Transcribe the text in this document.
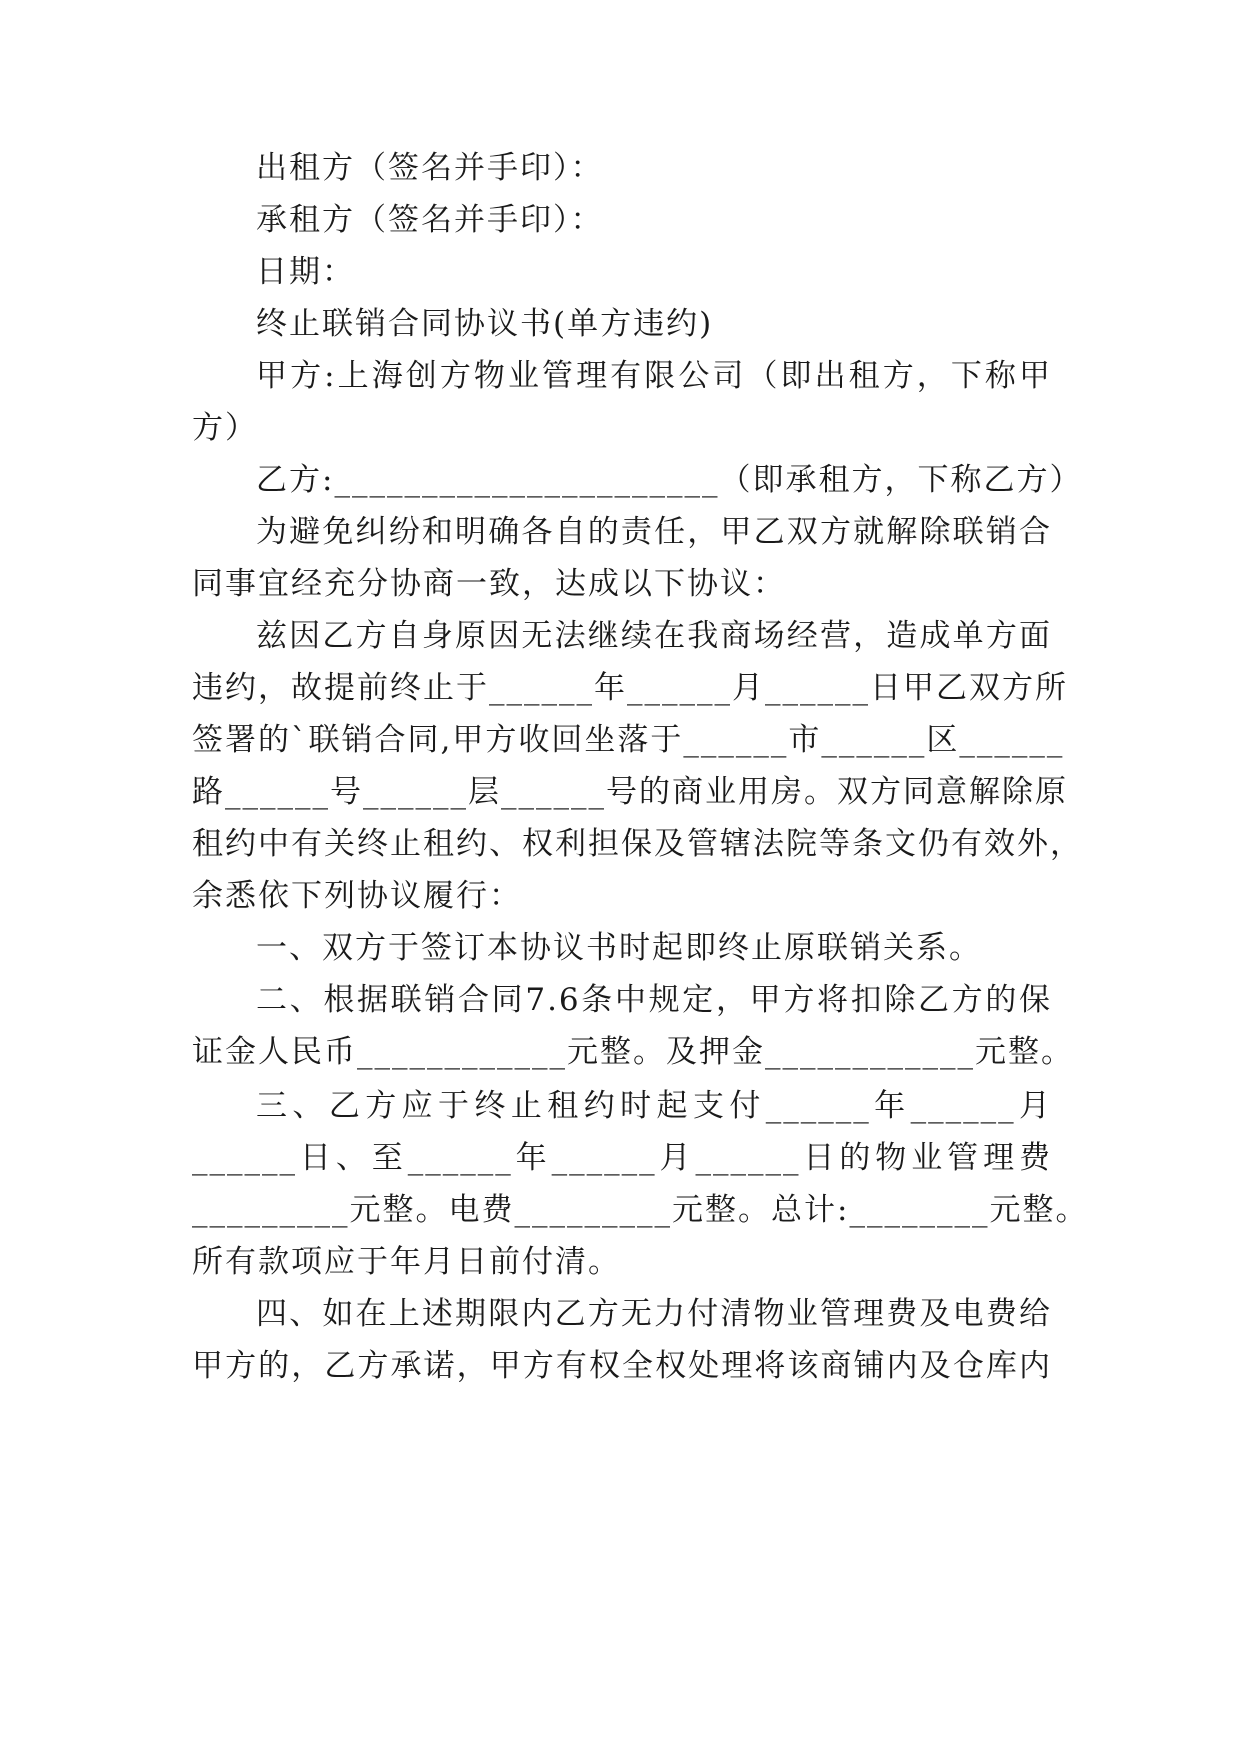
出租方（签名并手印）：
承租方（签名并手印）：
日期：
终止联销合同协议书(单方违约)
甲方:上海创方物业管理有限公司（即出租方，下称甲
方）
乙方:______________________（即承租方，下称乙方）
为避免纠纷和明确各自的责任，甲乙双方就解除联销合
同事宜经充分协商一致，达成以下协议：
兹因乙方自身原因无法继续在我商场经营，造成单方面
违约，故提前终止于______年______月______日甲乙双方所
签署的`联销合同,甲方收回坐落于______市______区______
路______号______层______号的商业用房。双方同意解除原
租约中有关终止租约、权利担保及管辖法院等条文仍有效外，
余悉依下列协议履行：
一、双方于签订本协议书时起即终止原联销关系。
二、根据联销合同7.6条中规定，甲方将扣除乙方的保
证金人民币____________元整。及押金____________元整。
三、乙方应于终止租约时起支付______年______月
______日、至______年______月______日的物业管理费
_________元整。电费_________元整。总计:________元整。
所有款项应于年月日前付清。
四、如在上述期限内乙方无力付清物业管理费及电费给
甲方的，乙方承诺，甲方有权全权处理将该商铺内及仓库内
